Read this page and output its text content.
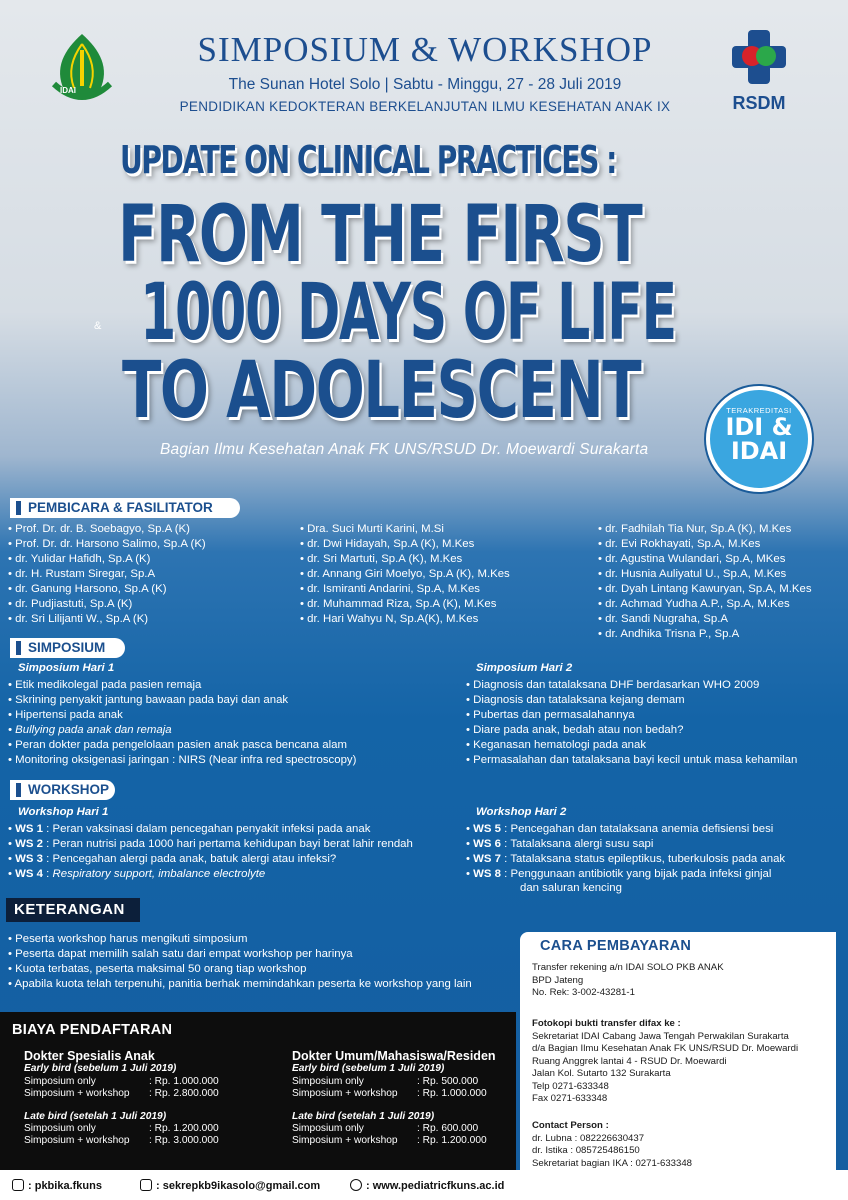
IDAI
RSDM
SIMPOSIUM & WORKSHOP
The Sunan Hotel Solo | Sabtu - Minggu, 27 - 28 Juli 2019
PENDIDIKAN KEDOKTERAN BERKELANJUTAN ILMU KESEHATAN ANAK IX
UPDATE ON CLINICAL PRACTICES :
FROM THE FIRST
1000 DAYS OF LIFE
TO ADOLESCENT
&
Bagian Ilmu Kesehatan Anak FK UNS/RSUD Dr. Moewardi Surakarta
TERAKREDITASI
IDI &
IDAI
PEMBICARA & FASILITATOR
• Prof. Dr. dr. B. Soebagyo, Sp.A (K)
• Prof. Dr. dr. Harsono Salimo, Sp.A (K)
• dr. Yulidar Hafidh, Sp.A (K)
• dr. H. Rustam Siregar, Sp.A
• dr. Ganung Harsono, Sp.A (K)
• dr. Pudjiastuti, Sp.A (K)
• dr. Sri Lilijanti W., Sp.A (K)
• Dra. Suci Murti Karini, M.Si
• dr. Dwi Hidayah, Sp.A (K), M.Kes
• dr. Sri Martuti, Sp.A (K), M.Kes
• dr. Annang Giri Moelyo, Sp.A (K), M.Kes
• dr. Ismiranti Andarini, Sp.A, M.Kes
• dr. Muhammad Riza, Sp.A (K), M.Kes
• dr. Hari Wahyu N, Sp.A(K), M.Kes
• dr. Fadhilah Tia Nur, Sp.A (K), M.Kes
• dr. Evi Rokhayati, Sp.A, M.Kes
• dr. Agustina Wulandari, Sp.A, MKes
• dr. Husnia Auliyatul U., Sp.A, M.Kes
• dr. Dyah Lintang Kawuryan, Sp.A, M.Kes
• dr. Achmad Yudha A.P., Sp.A, M.Kes
• dr. Sandi Nugraha, Sp.A
• dr. Andhika Trisna P., Sp.A
SIMPOSIUM
Simposium Hari 1
• Etik medikolegal pada pasien remaja
• Skrining penyakit jantung bawaan pada bayi dan anak
• Hipertensi pada anak
• Bullying pada anak dan remaja
• Peran dokter pada pengelolaan pasien anak pasca bencana alam
• Monitoring oksigenasi jaringan : NIRS (Near infra red spectroscopy)
Simposium Hari 2
• Diagnosis dan tatalaksana DHF berdasarkan WHO 2009
• Diagnosis dan tatalaksana kejang demam
• Pubertas dan permasalahannya
• Diare pada anak, bedah atau non bedah?
• Keganasan hematologi pada anak
• Permasalahan dan tatalaksana bayi kecil untuk masa kehamilan
WORKSHOP
Workshop Hari 1
• WS 1 : Peran vaksinasi dalam pencegahan penyakit infeksi pada anak
• WS 2 : Peran nutrisi pada 1000 hari pertama kehidupan bayi berat lahir rendah
• WS 3 : Pencegahan alergi pada anak, batuk alergi atau infeksi?
• WS 4 : Respiratory support, imbalance electrolyte
Workshop Hari 2
• WS 5 : Pencegahan dan tatalaksana anemia defisiensi besi
• WS 6 : Tatalaksana alergi susu sapi
• WS 7 : Tatalaksana status epileptikus, tuberkulosis pada anak
• WS 8 : Penggunaan antibiotik yang bijak pada infeksi ginjal
dan saluran kencing
KETERANGAN
• Peserta workshop harus mengikuti simposium
• Peserta dapat memilih salah satu dari empat workshop per harinya
• Kuota terbatas, peserta maksimal 50 orang tiap workshop
• Apabila kuota telah terpenuhi, panitia berhak memindahkan peserta ke workshop yang lain
BIAYA PENDAFTARAN
Dokter Spesialis Anak
Early bird (sebelum 1 Juli 2019)
Simposium only	: Rp. 1.000.000
Simposium + workshop	: Rp. 2.800.000
Late bird (setelah 1 Juli 2019)
Simposium only	: Rp. 1.200.000
Simposium + workshop	: Rp. 3.000.000
Dokter Umum/Mahasiswa/Residen
Early bird (sebelum 1 Juli 2019)
Simposium only	: Rp. 500.000
Simposium + workshop	: Rp. 1.000.000
Late bird (setelah 1 Juli 2019)
Simposium only	: Rp. 600.000
Simposium + workshop	: Rp. 1.200.000
CARA PEMBAYARAN
Transfer rekening a/n IDAI SOLO PKB ANAK
BPD Jateng
No. Rek: 3-002-43281-1
Fotokopi bukti transfer difax ke :
Sekretariat IDAI Cabang Jawa Tengah Perwakilan Surakarta
d/a Bagian Ilmu Kesehatan Anak FK UNS/RSUD Dr. Moewardi
Ruang Anggrek lantai 4 - RSUD Dr. Moewardi
Jalan Kol. Sutarto 132 Surakarta
Telp 0271-633348
Fax 0271-633348
Contact Person :
dr. Lubna : 082226630437
dr. Istika : 085725486150
Sekretariat bagian IKA : 0271-633348
: pkbika.fkuns	: sekrepkb9ikasolo@gmail.com	: www.pediatricfkuns.ac.id
